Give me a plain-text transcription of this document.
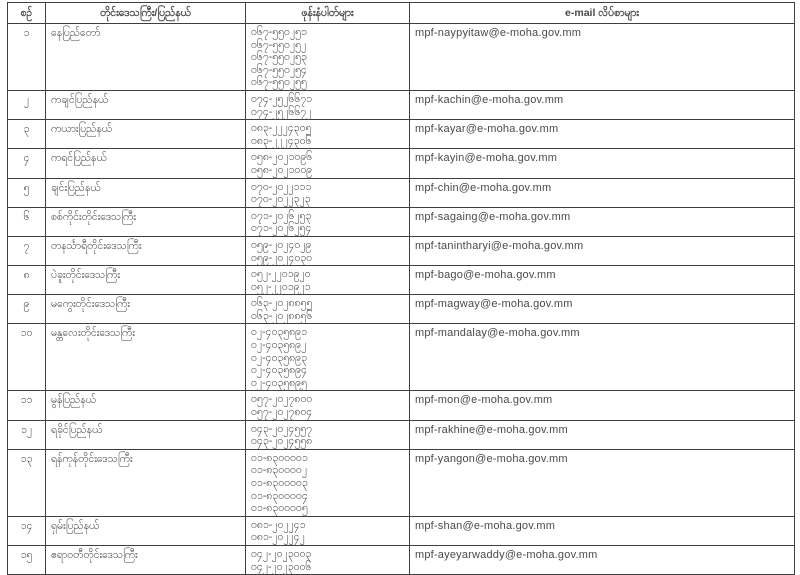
စဉ်	တိုင်းဒေသကြီး/ပြည်နယ်	ဖုန်းနံပါတ်များ	e-mail လိပ်စာများ
၁	နေပြည်တော်	၀၆၇-၅၅၀၂၅၁
၀၆၇-၅၅၀၂၅၂
၀၆၇-၅၅၀၂၅၃
၀၆၇-၅၅၀၂၅၄
၀၆၇-၅၅၀၂၅၅	mpf-naypyitaw@e-moha.gov.mm
၂	ကချင်ပြည်နယ်	၀၇၄-၂၅၂၆၆၇၁
၀၇၄-၂၅၂၆၆၇၂	mpf-kachin@e-moha.gov.mm
၃	ကယားပြည်နယ်	၀၈၃-၂၂၂၄၃၀၅
၀၈၃-၂၂၂၄၃၀၆	mpf-kayar@e-moha.gov.mm
၄	ကရင်ပြည်နယ်	၀၅၈-၂၀၂၁၀၉၆
၀၅၈-၂၀၂၁၀၀၉	mpf-kayin@e-moha.gov.mm
၅	ချင်းပြည်နယ်	၀၇၀-၂၀၂၂၁၁၁
၀၇၀-၂၀၂၂၃၂၃	mpf-chin@e-moha.gov.mm
၆	စစ်ကိုင်းတိုင်းဒေသကြီး	၀၇၁-၂၀၂၆၂၅၃
၀၇၁-၂၀၂၆၂၅၄	mpf-sagaing@e-moha.gov.mm
၇	တနင်္သာရီတိုင်းဒေသကြီး	၀၅၉-၂၀၂၄၀၂၉
၀၅၉-၂၀၂၄၀၃၀	mpf-tanintharyi@e-moha.gov.mm
၈	ပဲခူးတိုင်းဒေသကြီး	၀၅၂-၂၂၀၁၉၂၀
၀၅၂-၂၂၀၁၉၂၁	mpf-bago@e-moha.gov.mm
၉	မကွေးတိုင်းဒေသကြီး	၀၆၃-၂၀၂၈၈၅၅
၀၆၃-၂၀၂၈၈၅၆	mpf-magway@e-moha.gov.mm
၁၀	မန္တလေးတိုင်းဒေသကြီး	၀၂-၄၀၃၅၈၉၁
၀၂-၄၀၃၅၈၉၂
၀၂-၄၀၃၅၈၉၃
၀၂-၄၀၃၅၈၉၄
၀၂-၄၀၃၅၈၉၅	mpf-mandalay@e-moha.gov.mm
၁၁	မွန်ပြည်နယ်	၀၅၇-၂၀၂၇၈၀၀
၀၅၇-၂၀၂၇၈၀၄	mpf-mon@e-moha.gov.mm
၁၂	ရခိုင်ပြည်နယ်	၀၄၃-၂၀၂၄၅၅၇
၀၄၃-၂၀၂၄၅၅၈	mpf-rakhine@e-moha.gov.mm
၁၃	ရန်ကုန်တိုင်းဒေသကြီး	၀၁-၈၃၀၀၀၀၁
၀၁-၈၃၀၀၀၀၂
၀၁-၈၃၀၀၀၀၃
၀၁-၈၃၀၀၀၀၄
၀၁-၈၃၀၀၀၀၅	mpf-yangon@e-moha.gov.mm
၁၄	ရှမ်းပြည်နယ်	၀၈၁-၂၀၂၂၄၁
၀၈၁-၂၀၂၂၄၂	mpf-shan@e-moha.gov.mm
၁၅	ဧရာဝတီတိုင်းဒေသကြီး	၀၄၂-၂၀၂၃၀၀၃
၀၄၂-၂၀၂၃၀၀၆	mpf-ayeyarwaddy@e-moha.gov.mm
